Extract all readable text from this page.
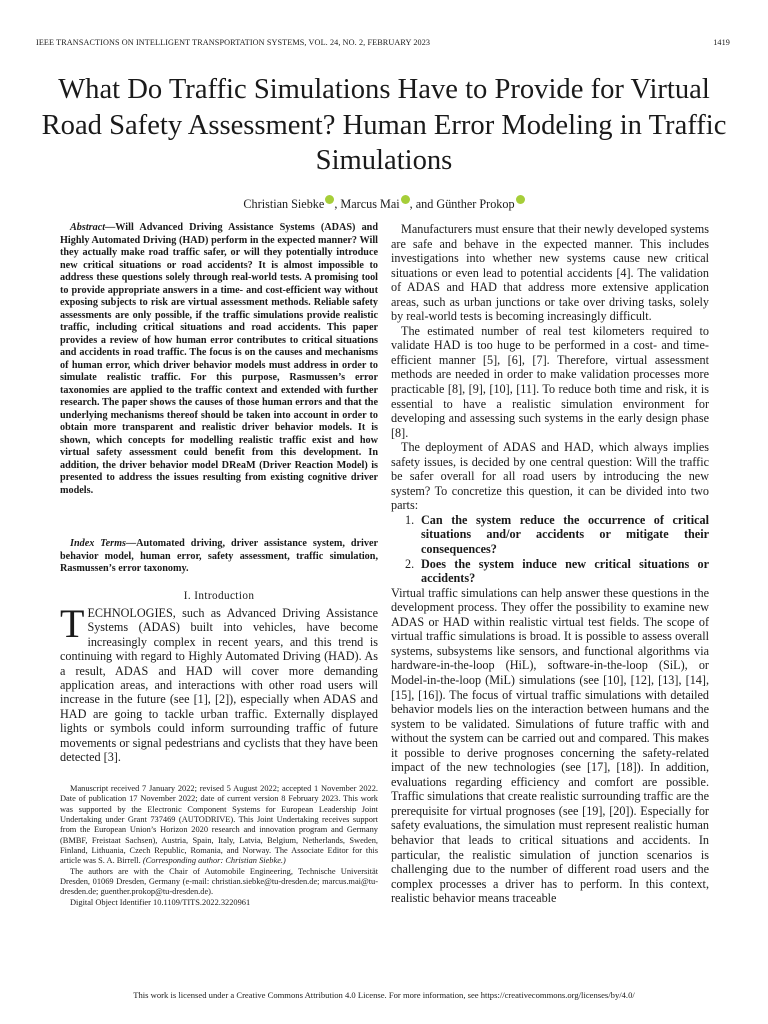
IEEE TRANSACTIONS ON INTELLIGENT TRANSPORTATION SYSTEMS, VOL. 24, NO. 2, FEBRUARY 2023	1419
What Do Traffic Simulations Have to Provide for Virtual Road Safety Assessment? Human Error Modeling in Traffic Simulations
Christian Siebke , Marcus Mai , and Günther Prokop

Abstract—Will Advanced Driving Assistance Systems (ADAS) and Highly Automated Driving (HAD) perform in the expected manner? Will they actually make road traffic safer, or will they potentially introduce new critical situations or road accidents? It is almost impossible to address these questions solely through real-world tests. A promising tool to provide appropriate answers in a time- and cost-efficient way without exposing subjects to risk are virtual assessment methods. Reliable safety assessments are only possible, if the traffic simulations provide realistic traffic, including critical situations and road accidents. This paper provides a review of how human error contributes to critical situations and accidents in road traffic. The focus is on the causes and mechanisms of human error, which driver behavior models must address in order to simulate realistic traffic. For this purpose, Rasmussen’s error taxonomies are applied to the traffic context and extended with further research. The paper shows the causes of those human errors and that the underlying mechanisms thereof should be taken into account in order to obtain more transparent and realistic driver behavior models. It is shown, which concepts for modelling realistic traffic exist and how virtual safety assessment could benefit from this development. In addition, the driver behavior model DReaM (Driver Reaction Model) is presented to address the issues resulting from existing cognitive driver models.

Index Terms—Automated driving, driver assistance system, driver behavior model, human error, safety assessment, traffic simulation, Rasmussen’s error taxonomy.

I. Introduction

TECHNOLOGIES, such as Advanced Driving Assistance Systems (ADAS) built into vehicles, have become increasingly complex in recent years, and this trend is continuing with regard to Highly Automated Driving (HAD). As a result, ADAS and HAD will cover more demanding application areas, and interactions with other road users will increase in the future (see [1], [2]), especially when ADAS and HAD are going to tackle urban traffic. Externally displayed lights or symbols could inform surrounding traffic of future movements or signal pedestrians and cyclists that they have been detected [3].

Manuscript received 7 January 2022; revised 5 August 2022; accepted 1 November 2022. Date of publication 17 November 2022; date of current version 8 February 2023. This work was supported by the Electronic Component Systems for European Leadership Joint Undertaking under Grant 737469 (AUTODRIVE). This Joint Undertaking receives support from the European Union’s Horizon 2020 research and innovation program and Germany (BMBF, Freistaat Sachsen), Austria, Spain, Italy, Latvia, Belgium, Netherlands, Sweden, Finland, Lithuania, Czech Republic, Romania, and Norway. The Associate Editor for this article was S. A. Birrell. (Corresponding author: Christian Siebke.)

The authors are with the Chair of Automobile Engineering, Technische Universität Dresden, 01069 Dresden, Germany (e-mail: christian.siebke@tu-dresden.de; marcus.mai@tu-dresden.de; guenther.prokop@tu-dresden.de).

Digital Object Identifier 10.1109/TITS.2022.3220961

Manufacturers must ensure that their newly developed systems are safe and behave in the expected manner. This includes investigations into whether new systems cause new critical situations or even lead to potential accidents [4]. The validation of ADAS and HAD that address more extensive application areas, such as urban junctions or take over driving tasks, solely by real-world tests is becoming increasingly difficult.

The estimated number of real test kilometers required to validate HAD is too huge to be performed in a cost- and time-efficient manner [5], [6], [7]. Therefore, virtual assessment methods are needed in order to make validation processes more practicable [8], [9], [10], [11]. To reduce both time and risk, it is essential to have a realistic simulation environment for developing and assessing such systems in the early design phase [8].

The deployment of ADAS and HAD, which always implies safety issues, is decided by one central question: Will the traffic be safer overall for all road users by introducing the new system? To concretize this question, it can be divided into two parts:

1. Can the system reduce the occurrence of critical situations and/or accidents or mitigate their consequences?
2. Does the system induce new critical situations or accidents?

Virtual traffic simulations can help answer these questions in the development process. They offer the possibility to examine new ADAS or HAD within realistic virtual test fields. The scope of virtual traffic simulations is broad. It is possible to assess overall systems, subsystems like sensors, and functional algorithms via hardware-in-the-loop (HiL), software-in-the-loop (SiL), or Model-in-the-loop (MiL) simulations (see [10], [12], [13], [14], [15], [16]). The focus of virtual traffic simulations with detailed behavior models lies on the interaction between humans and the system to be validated. Simulations of future traffic with and without the system can be carried out and compared. This makes it possible to derive prognoses concerning the safety-related impact of the new technologies (see [17], [18]). In addition, evaluations regarding efficiency and comfort are possible. Traffic simulations that create realistic surrounding traffic are the prerequisite for virtual prognoses (see [19], [20]). Especially for safety evaluations, the simulation must represent realistic human behavior that leads to critical situations and accidents. In particular, the realistic simulation of junction scenarios is challenging due to the number of different road users and the complex processes a driver has to perform. In this context, realistic behavior means traceable

This work is licensed under a Creative Commons Attribution 4.0 License. For more information, see https://creativecommons.org/licenses/by/4.0/
